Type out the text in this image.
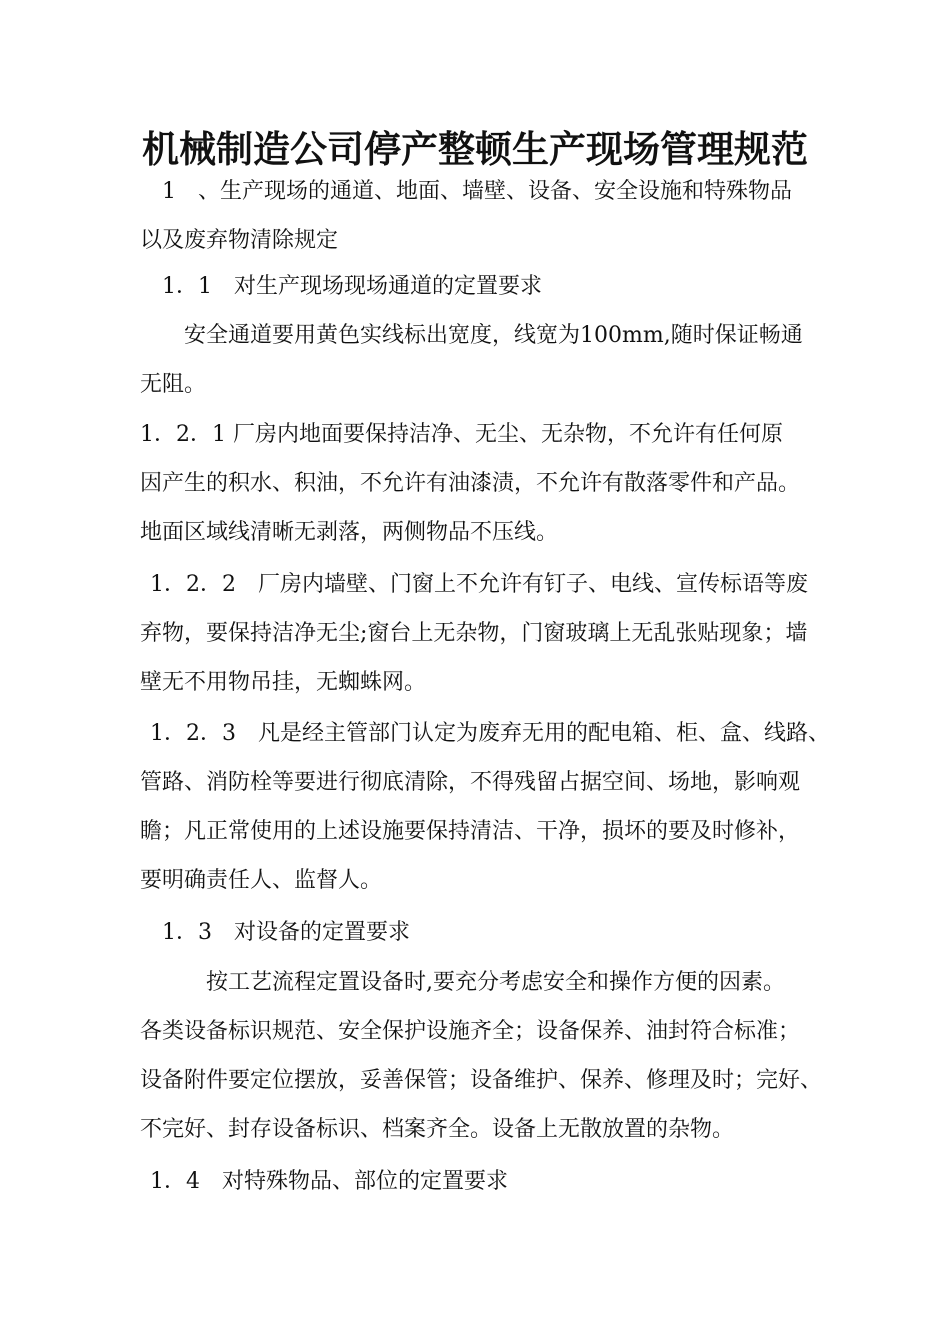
机械制造公司停产整顿生产现场管理规范

　1　、生产现场的通道、地面、墙壁、设备、安全设施和特殊物品
以及废弃物清除规定

　1．1　对生产现场现场通道的定置要求

　　安全通道要用黄色实线标出宽度，线宽为100mm,随时保证畅通
无阻。

1．2．1 厂房内地面要保持洁净、无尘、无杂物，不允许有任何原
因产生的积水、积油，不允许有油漆渍，不允许有散落零件和产品。
地面区域线清晰无剥落，两侧物品不压线。

1．2．2　厂房内墙壁、门窗上不允许有钉子、电线、宣传标语等废
弃物，要保持洁净无尘;窗台上无杂物，门窗玻璃上无乱张贴现象；墙
壁无不用物吊挂，无蜘蛛网。

1．2．3　凡是经主管部门认定为废弃无用的配电箱、柜、盒、线路、
管路、消防栓等要进行彻底清除，不得残留占据空间、场地，影响观
瞻；凡正常使用的上述设施要保持清洁、干净，损坏的要及时修补，
要明确责任人、监督人。

　1．3　对设备的定置要求

　　　按工艺流程定置设备时,要充分考虑安全和操作方便的因素。
各类设备标识规范、安全保护设施齐全；设备保养、油封符合标准；
设备附件要定位摆放，妥善保管；设备维护、保养、修理及时；完好、
不完好、封存设备标识、档案齐全。设备上无散放置的杂物。

1．4　对特殊物品、部位的定置要求
